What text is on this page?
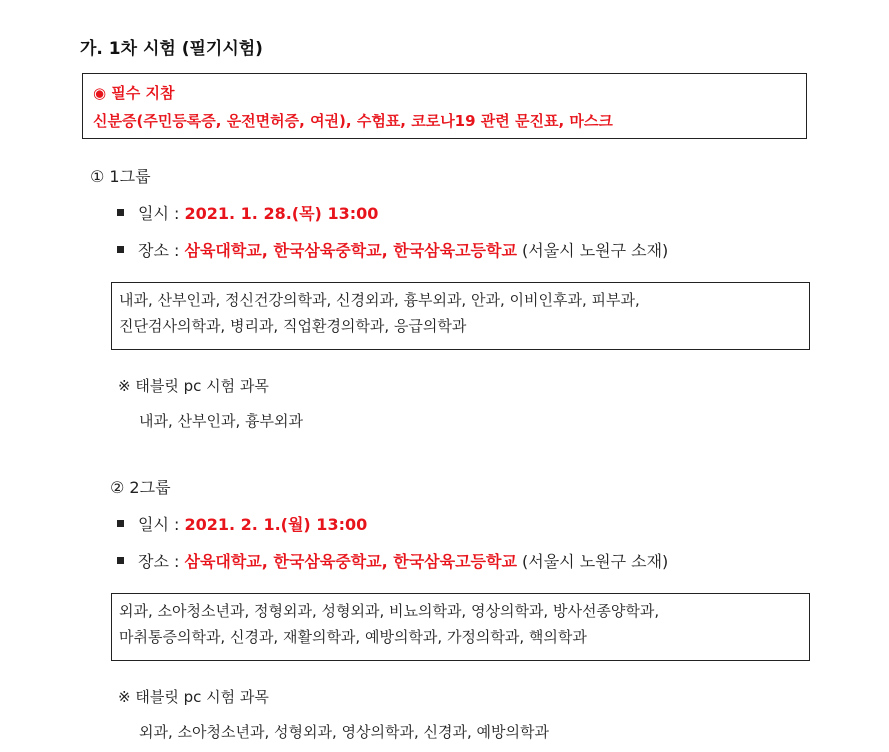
가. 1차 시험 (필기시험)
◉ 필수 지참
신분증(주민등록증, 운전면허증, 여권), 수험표, 코로나19 관련 문진표, 마스크
① 1그룹
일시 : 2021. 1. 28.(목) 13:00
장소 : 삼육대학교, 한국삼육중학교, 한국삼육고등학교 (서울시 노원구 소재)
내과, 산부인과, 정신건강의학과, 신경외과, 흉부외과, 안과, 이비인후과, 피부과,
진단검사의학과, 병리과, 직업환경의학과, 응급의학과
※ 태블릿 pc 시험 과목
내과, 산부인과, 흉부외과
② 2그룹
일시 : 2021. 2. 1.(월) 13:00
장소 : 삼육대학교, 한국삼육중학교, 한국삼육고등학교 (서울시 노원구 소재)
외과, 소아청소년과, 정형외과, 성형외과, 비뇨의학과, 영상의학과, 방사선종양학과,
마취통증의학과, 신경과, 재활의학과, 예방의학과, 가정의학과, 핵의학과
※ 태블릿 pc 시험 과목
외과, 소아청소년과, 성형외과, 영상의학과, 신경과, 예방의학과
